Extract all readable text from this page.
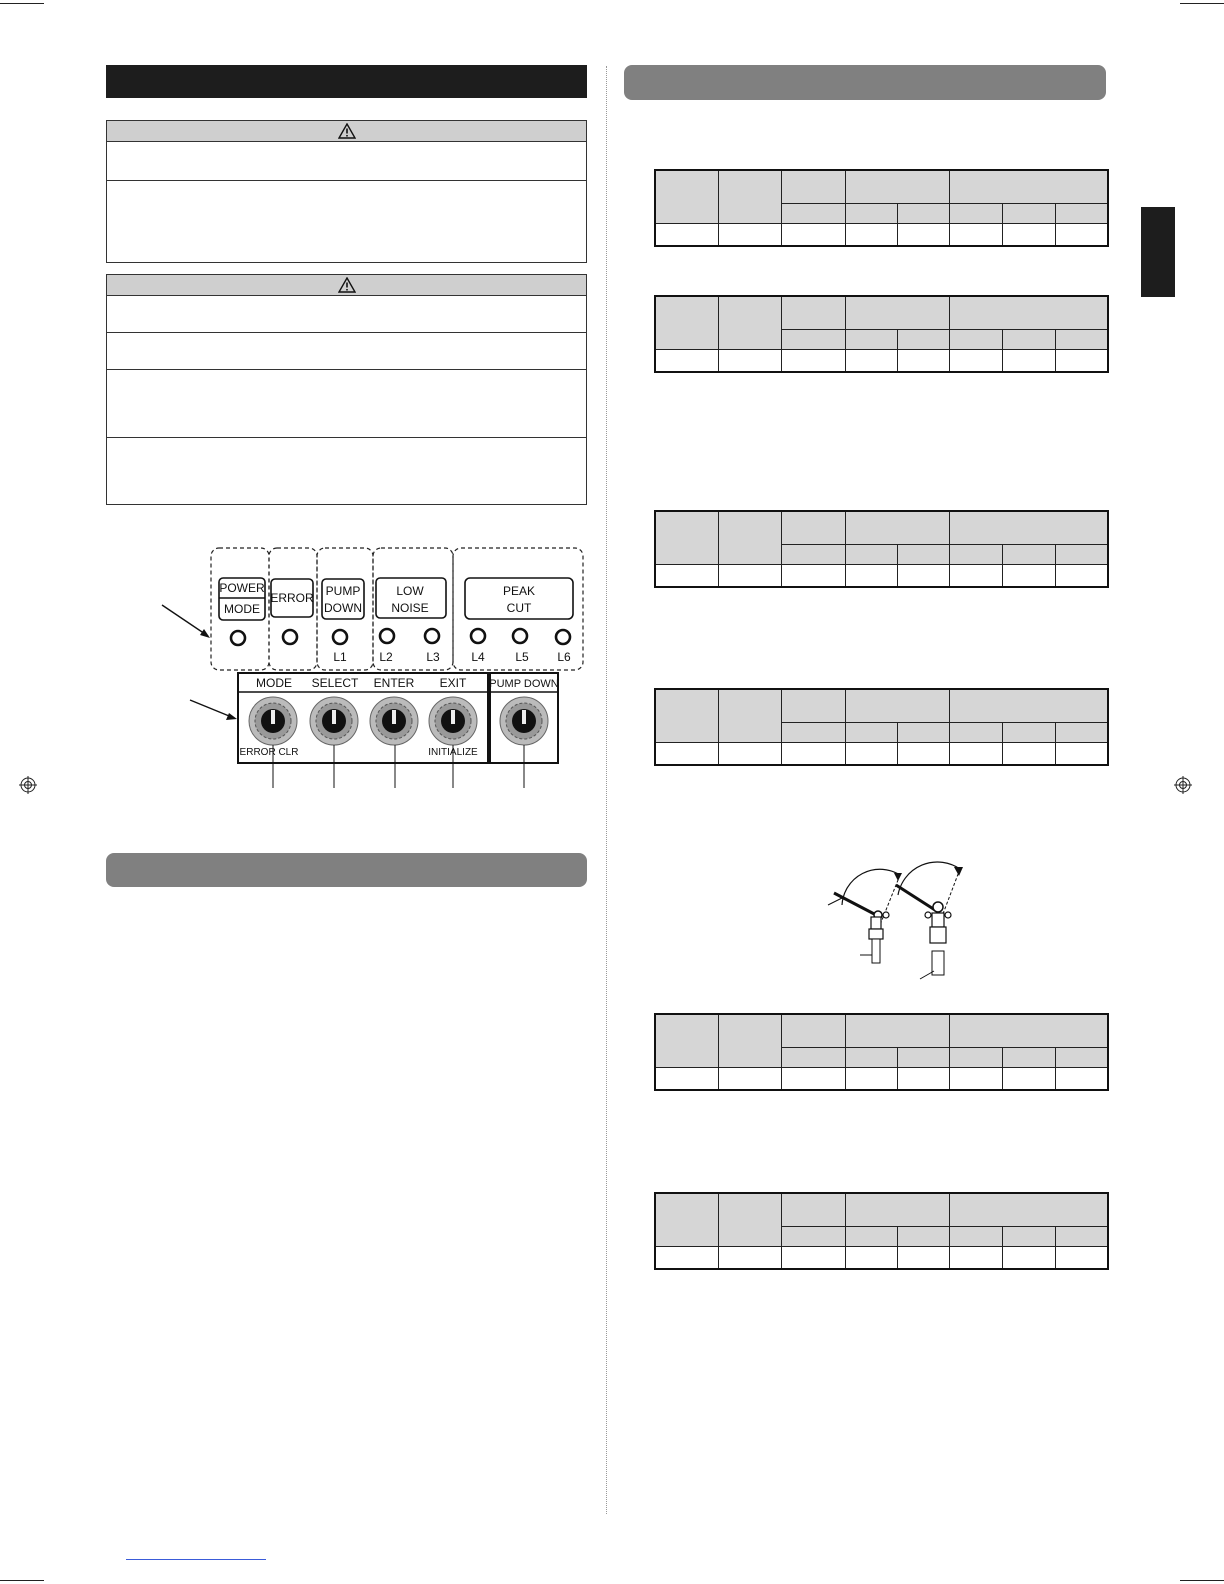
POWER
MODE
ERROR PUMP
DOWN
LOW
NOISE
PEAK
CUT
L1	L2	L3	L4	L5 L6
MODE SELECT ENTER EXIT PUMP DOWN
ERROR CLR	INITIALIZE
